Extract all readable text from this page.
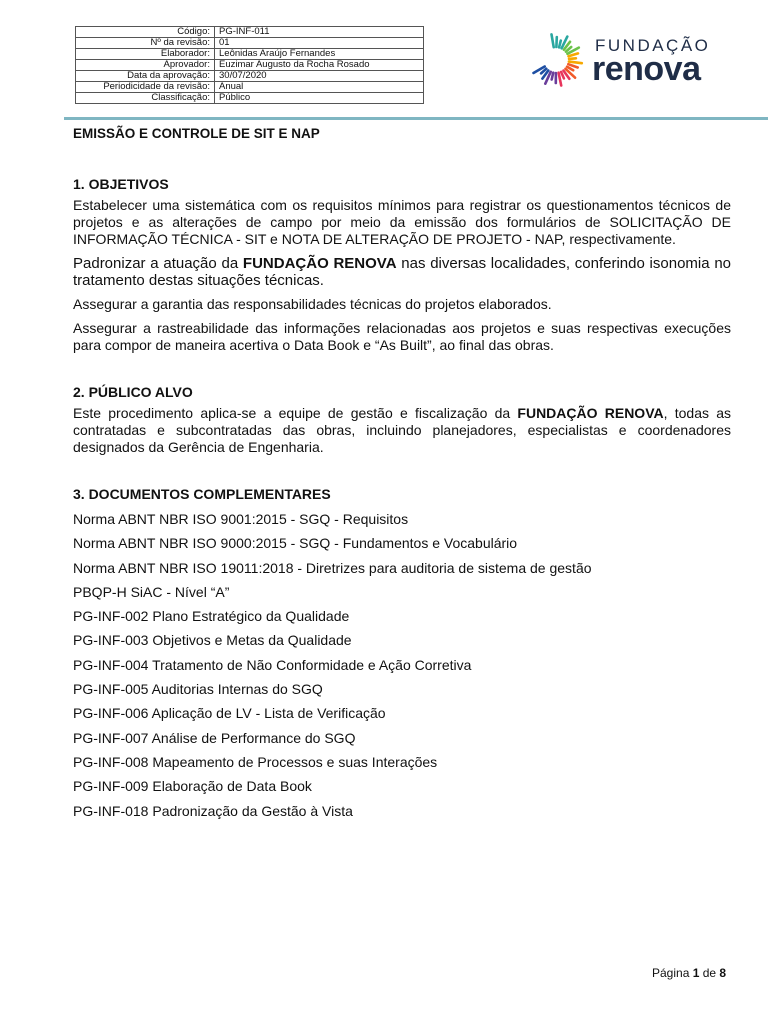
Código:	PG-INF-011
Nº da revisão:	01
Elaborador:	Leônidas Araújo Fernandes
Aprovador:	Euzimar Augusto da Rocha Rosado
Data da aprovação:	30/07/2020
Periodicidade da revisão:	Anual
Classificação:	Público
FUNDAÇÃO
renova
EMISSÃO E CONTROLE DE SIT E NAP
1. OBJETIVOS

Estabelecer uma sistemática com os requisitos mínimos para registrar os questionamentos técnicos de projetos e as alterações de campo por meio da emissão dos formulários de SOLICITAÇÃO DE INFORMAÇÃO TÉCNICA - SIT e NOTA DE ALTERAÇÃO DE PROJETO - NAP, respectivamente.

Padronizar a atuação da FUNDAÇÃO RENOVA nas diversas localidades, conferindo isonomia no tratamento destas situações técnicas.

Assegurar a garantia das responsabilidades técnicas do projetos elaborados.

Assegurar a rastreabilidade das informações relacionadas aos projetos e suas respectivas execuções para compor de maneira acertiva o Data Book e “As Built”, ao final das obras.

2. PÚBLICO ALVO

Este procedimento aplica-se a equipe de gestão e fiscalização da FUNDAÇÃO RENOVA, todas as contratadas e subcontratadas das obras, incluindo planejadores, especialistas e coordenadores designados da Gerência de Engenharia.

3. DOCUMENTOS COMPLEMENTARES
Norma ABNT NBR ISO 9001:2015 - SGQ - Requisitos
Norma ABNT NBR ISO 9000:2015 - SGQ - Fundamentos e Vocabulário
Norma ABNT NBR ISO 19011:2018 - Diretrizes para auditoria de sistema de gestão
PBQP-H SiAC - Nível “A”
PG-INF-002 Plano Estratégico da Qualidade
PG-INF-003 Objetivos e Metas da Qualidade
PG-INF-004 Tratamento de Não Conformidade e Ação Corretiva
PG-INF-005 Auditorias Internas do SGQ
PG-INF-006 Aplicação de LV - Lista de Verificação
PG-INF-007 Análise de Performance do SGQ
PG-INF-008 Mapeamento de Processos e suas Interações
PG-INF-009 Elaboração de Data Book
PG-INF-018 Padronização da Gestão à Vista
Página 1 de 8
